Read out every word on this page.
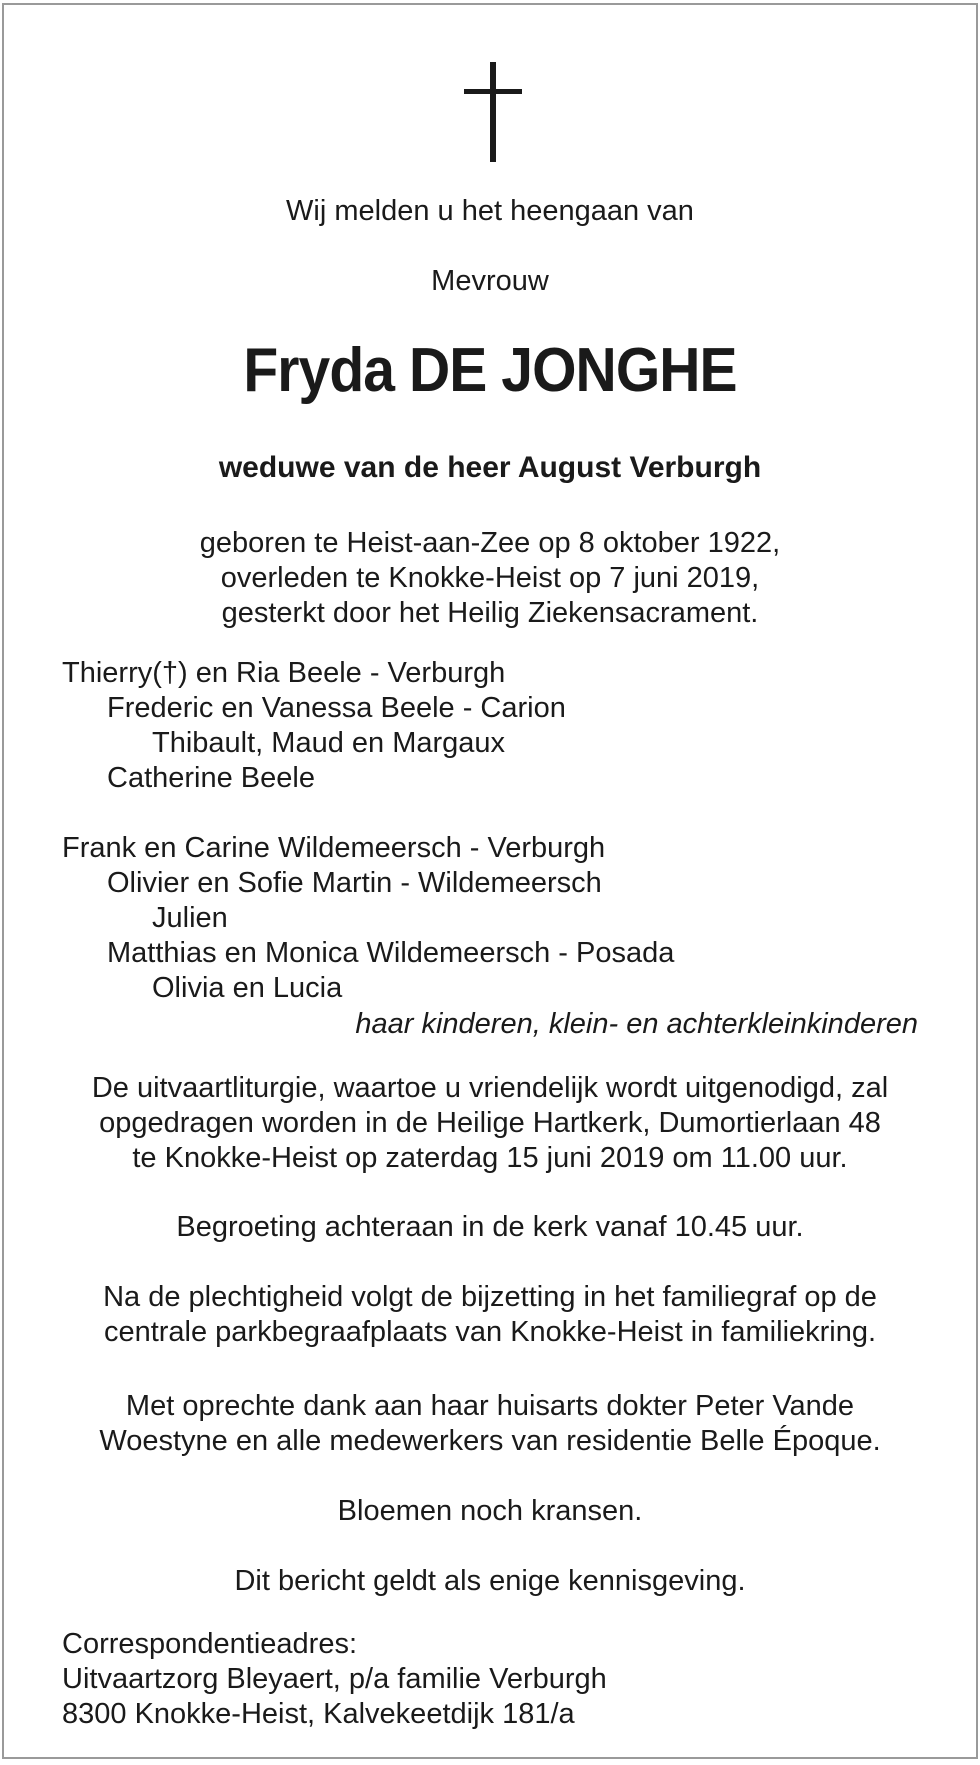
Wij melden u het heengaan van

Mevrouw

Fryda DE JONGHE

weduwe van de heer August Verburgh

geboren te Heist-aan-Zee op 8 oktober 1922,
overleden te Knokke-Heist op 7 juni 2019,
gesterkt door het Heilig Ziekensacrament.
Thierry(†) en Ria Beele - Verburgh
Frederic en Vanessa Beele - Carion
Thibault, Maud en Margaux
Catherine Beele
Frank en Carine Wildemeersch - Verburgh
Olivier en Sofie Martin - Wildemeersch
Julien
Matthias en Monica Wildemeersch - Posada
Olivia en Lucia
haar kinderen, klein- en achterkleinkinderen
De uitvaartliturgie, waartoe u vriendelijk wordt uitgenodigd, zal
opgedragen worden in de Heilige Hartkerk, Dumortierlaan 48
te Knokke-Heist op zaterdag 15 juni 2019 om 11.00 uur.
Begroeting achteraan in de kerk vanaf 10.45 uur.
Na de plechtigheid volgt de bijzetting in het familiegraf op de
centrale parkbegraafplaats van Knokke-Heist in familiekring.
Met oprechte dank aan haar huisarts dokter Peter Vande
Woestyne en alle medewerkers van residentie Belle Époque.
Bloemen noch kransen.
Dit bericht geldt als enige kennisgeving.
Correspondentieadres:
Uitvaartzorg Bleyaert, p/a familie Verburgh
8300 Knokke-Heist, Kalvekeetdijk 181/a
